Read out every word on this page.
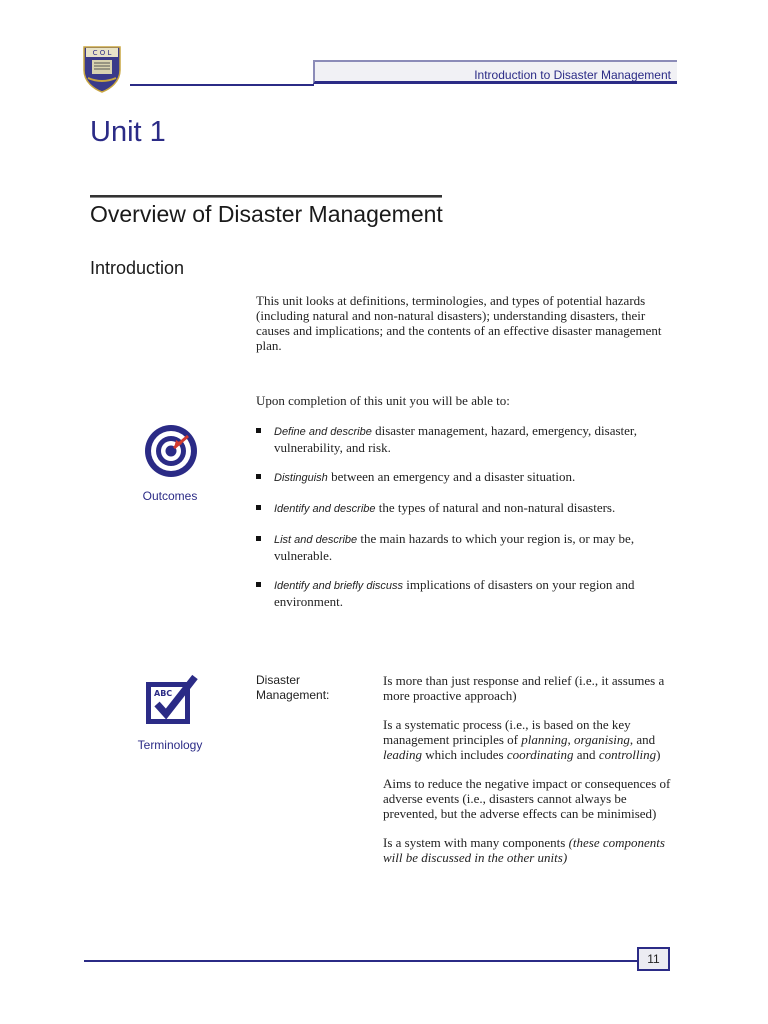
C O L
Introduction to Disaster Management
Unit 1
Overview of Disaster Management
Introduction
This unit looks at definitions, terminologies, and types of potential hazards (including natural and non-natural disasters); understanding disasters, their causes and implications; and the contents of an effective disaster management plan.
Upon completion of this unit you will be able to:
Outcomes
Define and describe disaster management, hazard, emergency, disaster, vulnerability, and risk.
Distinguish between an emergency and a disaster situation.
Identify and describe the types of natural and non-natural disasters.
List and describe the main hazards to which your region is, or may be, vulnerable.
Identify and briefly discuss implications of disasters on your region and environment.
ABC
Terminology
Disaster Management:
Is more than just response and relief (i.e., it assumes a more proactive approach)
Is a systematic process (i.e., is based on the key management principles of planning, organising, and leading which includes coordinating and controlling)
Aims to reduce the negative impact or consequences of adverse events (i.e., disasters cannot always be prevented, but the adverse effects can be minimised)
Is a system with many components (these components will be discussed in the other units)
11
